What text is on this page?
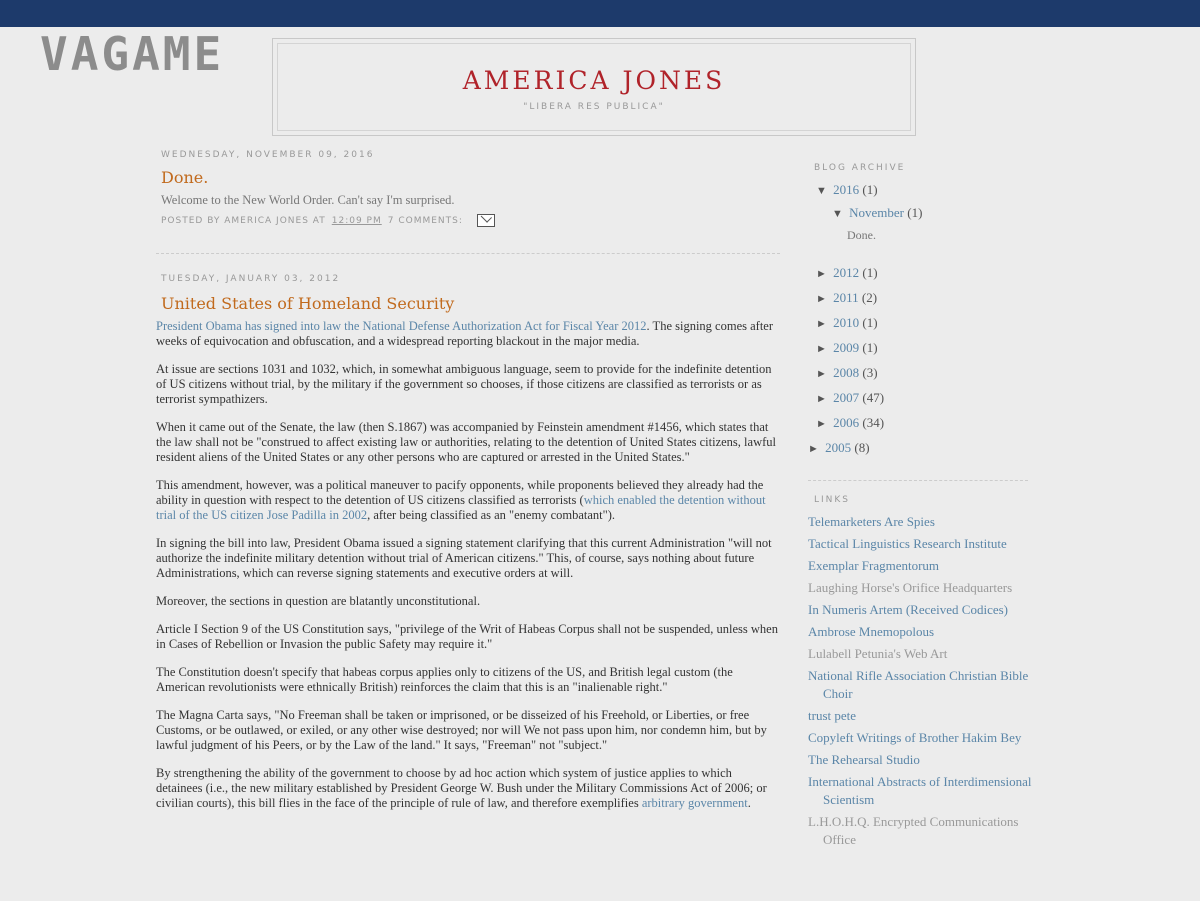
VAGAME	AMERICA JONES
"LIBERA RES PUBLICA"
WEDNESDAY, NOVEMBER 09, 2016
Done.

Welcome to the New World Order. Can't say I'm surprised.

POSTED BY AMERICA JONES AT 12:09 PM 7 COMMENTS:
TUESDAY, JANUARY 03, 2012
United States of Homeland Security

President Obama has signed into law the National Defense Authorization Act for Fiscal Year 2012. The signing comes after weeks of equivocation and obfuscation, and a widespread reporting blackout in the major media.

At issue are sections 1031 and 1032, which, in somewhat ambiguous language, seem to provide for the indefinite detention of US citizens without trial, by the military if the government so chooses, if those citizens are classified as terrorists or as terrorist sympathizers.

When it came out of the Senate, the law (then S.1867) was accompanied by Feinstein amendment #1456, which states that the law shall not be "construed to affect existing law or authorities, relating to the detention of United States citizens, lawful resident aliens of the United States or any other persons who are captured or arrested in the United States."

This amendment, however, was a political maneuver to pacify opponents, while proponents believed they already had the ability in question with respect to the detention of US citizens classified as terrorists (which enabled the detention without trial of the US citizen Jose Padilla in 2002, after being classified as an "enemy combatant").

In signing the bill into law, President Obama issued a signing statement clarifying that this current Administration "will not authorize the indefinite military detention without trial of American citizens." This, of course, says nothing about future Administrations, which can reverse signing statements and executive orders at will.

Moreover, the sections in question are blatantly unconstitutional.

Article I Section 9 of the US Constitution says, "privilege of the Writ of Habeas Corpus shall not be suspended, unless when in Cases of Rebellion or Invasion the public Safety may require it."

The Constitution doesn't specify that habeas corpus applies only to citizens of the US, and British legal custom (the American revolutionists were ethnically British) reinforces the claim that this is an "inalienable right."

The Magna Carta says, "No Freeman shall be taken or imprisoned, or be disseized of his Freehold, or Liberties, or free Customs, or be outlawed, or exiled, or any other wise destroyed; nor will We not pass upon him, nor condemn him, but by lawful judgment of his Peers, or by the Law of the land." It says, "Freeman" not "subject."

By strengthening the ability of the government to choose by ad hoc action which system of justice applies to which detainees (i.e., the new military established by President George W. Bush under the Military Commissions Act of 2006; or civilian courts), this bill flies in the face of the principle of rule of law, and therefore exemplifies arbitrary government.

BLOG ARCHIVE
▼ 2016 (1)
▼ November (1)
Done.
► 2012 (1)
► 2011 (2)
► 2010 (1)
► 2009 (1)
► 2008 (3)
► 2007 (47)
► 2006 (34)
► 2005 (8)
LINKS
Telemarketers Are Spies
Tactical Linguistics Research Institute
Exemplar Fragmentorum
Laughing Horse's Orifice Headquarters
In Numeris Artem (Received Codices)
Ambrose Mnemopolous
Lulabell Petunia's Web Art
National Rifle Association Christian Bible Choir
trust pete
Copyleft Writings of Brother Hakim Bey
The Rehearsal Studio
International Abstracts of Interdimensional Scientism
L.H.O.H.Q. Encrypted Communications Office
